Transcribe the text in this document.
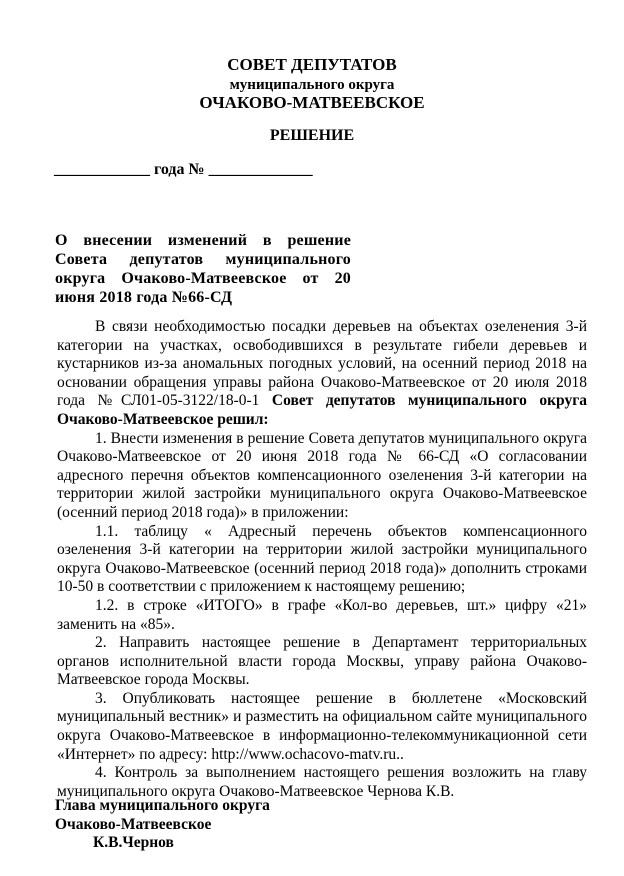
СОВЕТ ДЕПУТАТОВ
муниципального округа
ОЧАКОВО-МАТВЕЕВСКОЕ
РЕШЕНИЕ
____________ года № _____________
О внесении изменений в решение Совета депутатов муниципального округа Очаково-Матвеевское от 20 июня 2018 года №66-СД

В связи необходимостью посадки деревьев на объектах озеленения 3-й категории на участках, освободившихся в результате гибели деревьев и кустарников из-за аномальных погодных условий, на осенний период 2018 на основании обращения управы района Очаково-Матвеевское от 20 июля 2018 года №СЛ01-05-3122/18-0-1 Совет депутатов муниципального округа Очаково-Матвеевское решил:

1. Внести изменения в решение Совета депутатов муниципального округа Очаково-Матвеевское от 20 июня 2018 года № 66-СД «О согласовании адресного перечня объектов компенсационного озеленения 3-й категории на территории жилой застройки муниципального округа Очаково-Матвеевское (осенний период 2018 года)» в приложении:

1.1. таблицу « Адресный перечень объектов компенсационного озеленения 3-й категории на территории жилой застройки муниципального округа Очаково-Матвеевское (осенний период 2018 года)» дополнить строками 10-50 в соответствии с приложением к настоящему решению;

1.2. в строке «ИТОГО» в графе «Кол-во деревьев, шт.» цифру «21» заменить на «85».

2. Направить настоящее решение в Департамент территориальных органов исполнительной власти города Москвы, управу района Очаково-Матвеевское города Москвы.

3. Опубликовать настоящее решение в бюллетене «Московский муниципальный вестник» и разместить на официальном сайте муниципального округа Очаково-Матвеевское в информационно-телекоммуникационной сети «Интернет» по адресу: http://www.ochacovo-matv.ru..

4. Контроль за выполнением настоящего решения возложить на главу муниципального округа Очаково-Матвеевское Чернова К.В.

Глава муниципального округа
Очаково-Матвеевское
К.В.Чернов
